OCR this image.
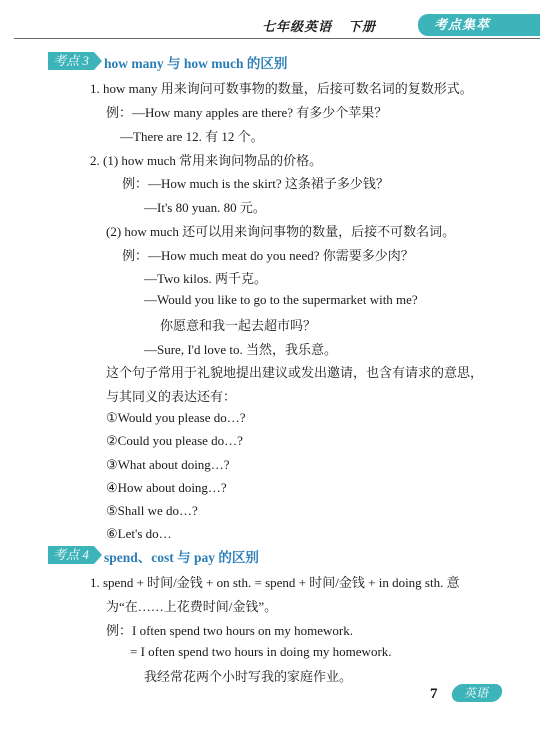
七年级英语 下册	考点集萃
考点 3	how many 与 how much 的区别
1. how many 用来询问可数事物的数量，后接可数名词的复数形式。
例：—How many apples are there? 有多少个苹果？
—There are 12. 有 12 个。
2. (1) how much 常用来询问物品的价格。
例：—How much is the skirt? 这条裙子多少钱？
—It's 80 yuan. 80 元。
(2) how much 还可以用来询问事物的数量，后接不可数名词。
例：—How much meat do you need? 你需要多少肉？
—Two kilos. 两千克。
—Would you like to go to the supermarket with me?
你愿意和我一起去超市吗？
—Sure, I'd love to. 当然，我乐意。
这个句子常用于礼貌地提出建议或发出邀请，也含有请求的意思，
与其同义的表达还有：
①Would you please do…?
②Could you please do…?
③What about doing…?
④How about doing…?
⑤Shall we do…?
⑥Let's do…
考点 4	spend、cost 与 pay 的区别
1. spend + 时间/金钱 + on sth. = spend + 时间/金钱 + in doing sth. 意
为“在……上花费时间/金钱”。
例：I often spend two hours on my homework.
= I often spend two hours in doing my homework.
我经常花两个小时写我的家庭作业。
7	英语
